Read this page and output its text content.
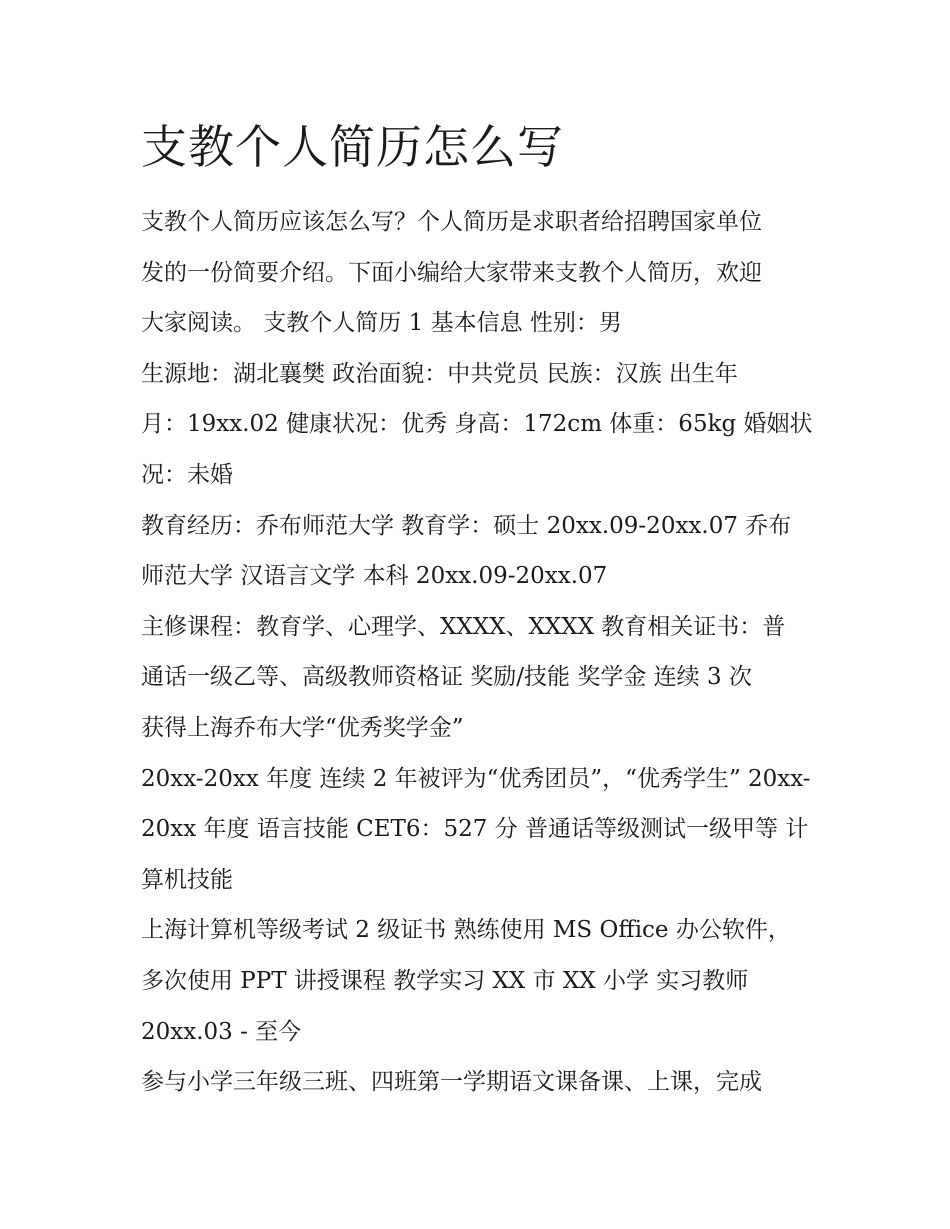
支教个人简历怎么写
支教个人简历应该怎么写？个人简历是求职者给招聘国家单位
发的一份简要介绍。下面小编给大家带来支教个人简历，欢迎
大家阅读。 支教个人简历 1 基本信息 性别：男
生源地：湖北襄樊 政治面貌：中共党员 民族：汉族 出生年
月：19xx.02 健康状况：优秀 身高：172cm 体重：65kg 婚姻状
况：未婚
教育经历：乔布师范大学 教育学：硕士 20xx.09-20xx.07 乔布
师范大学 汉语言文学 本科 20xx.09-20xx.07
主修课程：教育学、心理学、XXXX、XXXX 教育相关证书：普
通话一级乙等、高级教师资格证 奖励/技能 奖学金 连续 3 次
获得上海乔布大学“优秀奖学金”
20xx-20xx 年度 连续 2 年被评为“优秀团员”，“优秀学生” 20xx-
20xx 年度 语言技能 CET6：527 分 普通话等级测试一级甲等 计
算机技能
上海计算机等级考试 2 级证书 熟练使用 MS Office 办公软件，
多次使用 PPT 讲授课程 教学实习 XX 市 XX 小学 实习教师
20xx.03 - 至今
参与小学三年级三班、四班第一学期语文课备课、上课，完成
